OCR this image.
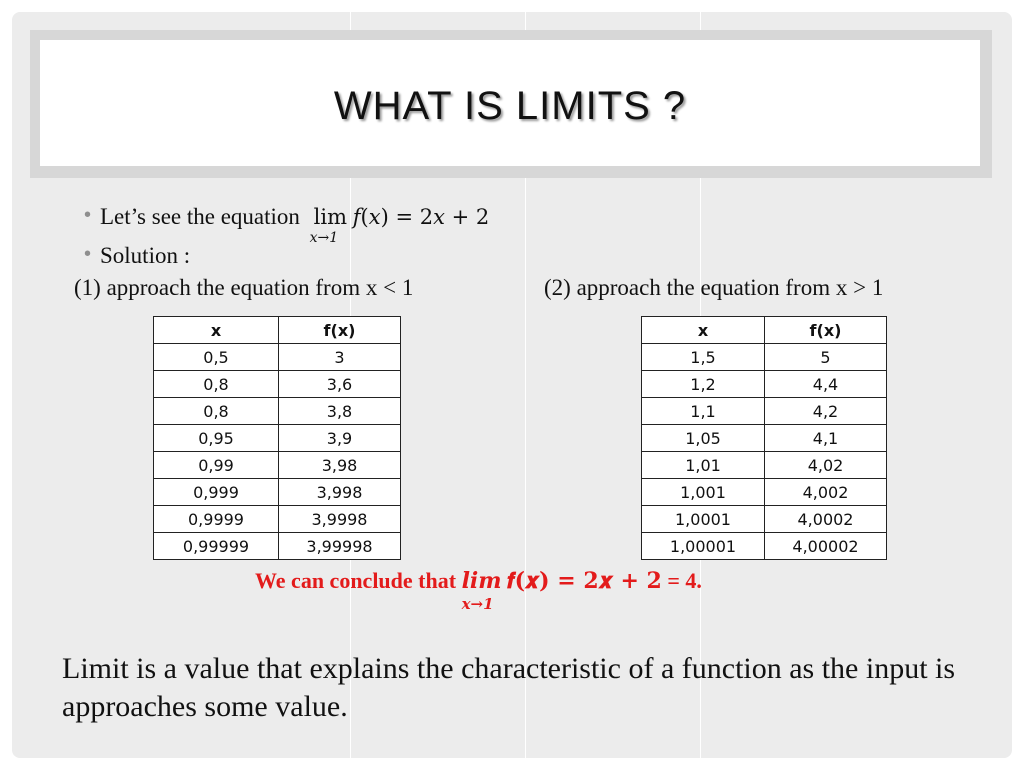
WHAT IS LIMITS ?
• Let’s see the equation lim
x→1
𝑓(𝑥) = 2𝑥 + 2
• Solution :
(1) approach the equation from x < 1	(2) approach the equation from x > 1
x	f(x)
0,5	3
0,8	3,6
0,8	3,8
0,95	3,9
0,99	3,98
0,999	3,998
0,9999	3,9998
0,99999	3,99998
x	f(x)
1,5	5
1,2	4,4
1,1	4,2
1,05	4,1
1,01	4,02
1,001	4,002
1,0001	4,0002
1,00001	4,00002
We can conclude that lim
x→1
𝒇(𝒙) = 𝟐𝒙 + 𝟐 = 4.
Limit is a value that explains the characteristic of a function as the input is approaches some value.
